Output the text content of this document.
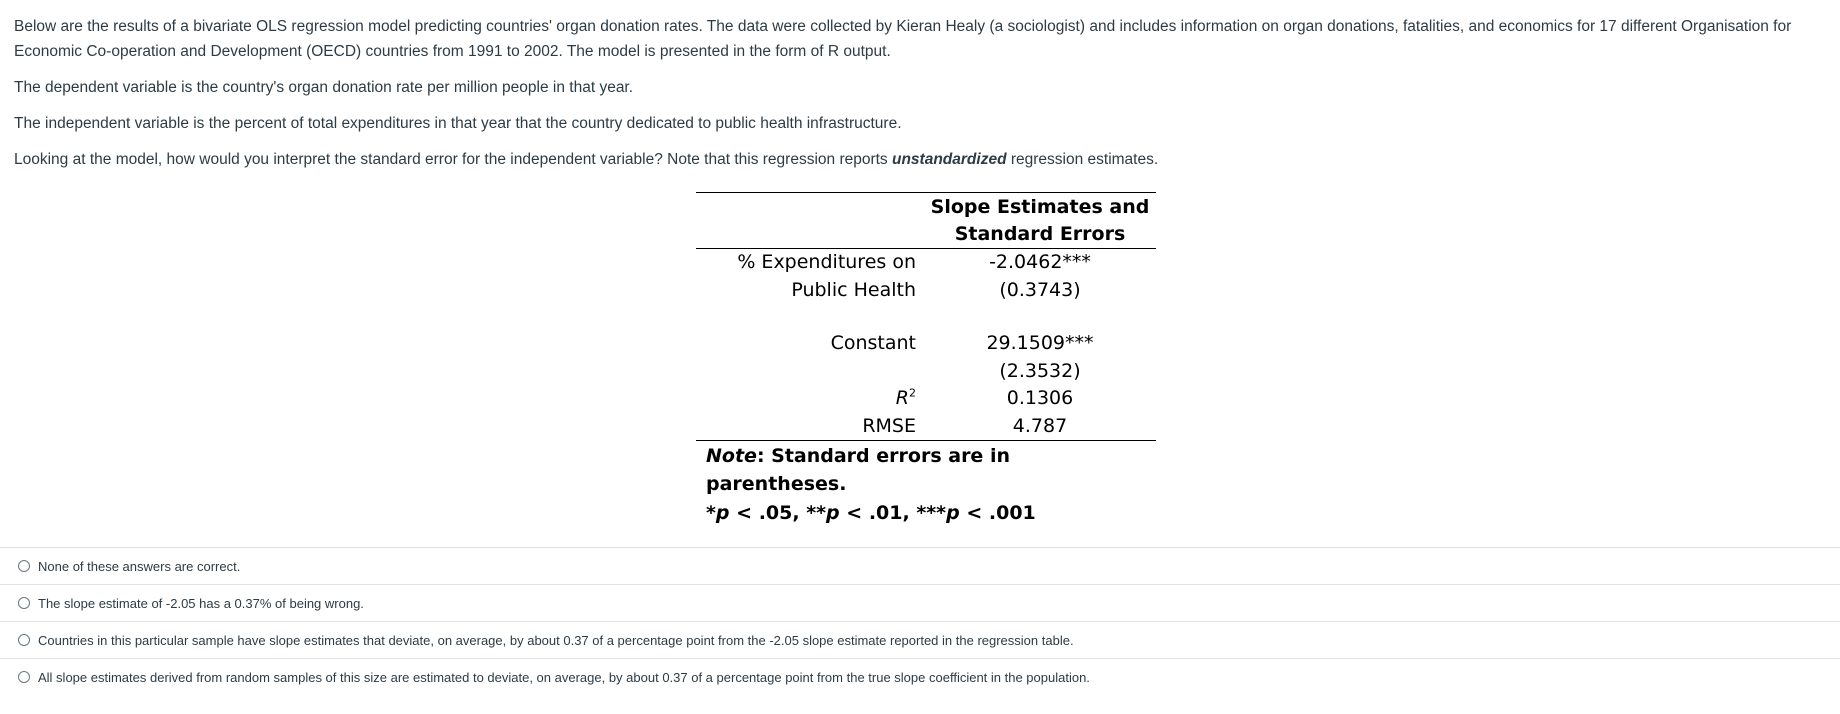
Below are the results of a bivariate OLS regression model predicting countries' organ donation rates. The data were collected by Kieran Healy (a sociologist) and includes information on organ donations, fatalities, and economics for 17 different Organisation for Economic Co-operation and Development (OECD) countries from 1991 to 2002. The model is presented in the form of R output.

The dependent variable is the country's organ donation rate per million people in that year.

The independent variable is the percent of total expenditures in that year that the country dedicated to public health infrastructure.

Looking at the model, how would you interpret the standard error for the independent variable? Note that this regression reports unstandardized regression estimates.

Slope Estimates and
Standard Errors
% Expenditures on	-2.0462***
Public Health	(0.3743)
Constant	29.1509***
(2.3532)
$R^2$	0.1306
RMSE	4.787
Note: Standard errors are in parentheses.
*p < .05, **p < .01, ***p < .001
None of these answers are correct.
The slope estimate of -2.05 has a 0.37% of being wrong.
Countries in this particular sample have slope estimates that deviate, on average, by about 0.37 of a percentage point from the -2.05 slope estimate reported in the regression table.
All slope estimates derived from random samples of this size are estimated to deviate, on average, by about 0.37 of a percentage point from the true slope coefficient in the population.
